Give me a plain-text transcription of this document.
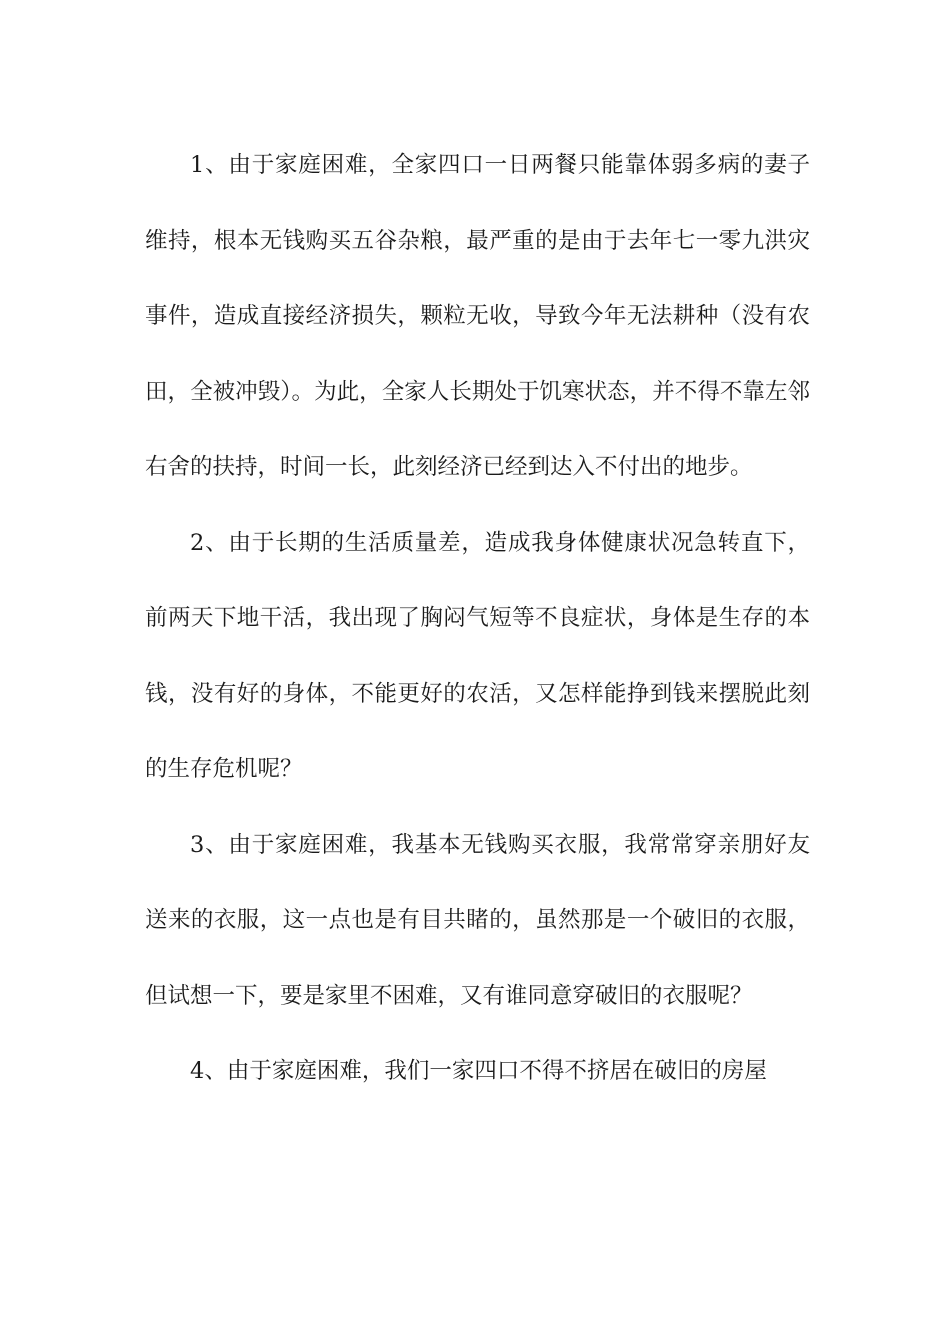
1、由于家庭困难，全家四口一日两餐只能靠体弱多病的妻子维持，根本无钱购买五谷杂粮，最严重的是由于去年七一零九洪灾事件，造成直接经济损失，颗粒无收，导致今年无法耕种（没有农田，全被冲毁）。为此，全家人长期处于饥寒状态，并不得不靠左邻右舍的扶持，时间一长，此刻经济已经到达入不付出的地步。

2、由于长期的生活质量差，造成我身体健康状况急转直下，前两天下地干活，我出现了胸闷气短等不良症状，身体是生存的本钱，没有好的身体，不能更好的农活，又怎样能挣到钱来摆脱此刻的生存危机呢？

3、由于家庭困难，我基本无钱购买衣服，我常常穿亲朋好友送来的衣服，这一点也是有目共睹的，虽然那是一个破旧的衣服，但试想一下，要是家里不困难，又有谁同意穿破旧的衣服呢？

4、由于家庭困难，我们一家四口不得不挤居在破旧的房屋
